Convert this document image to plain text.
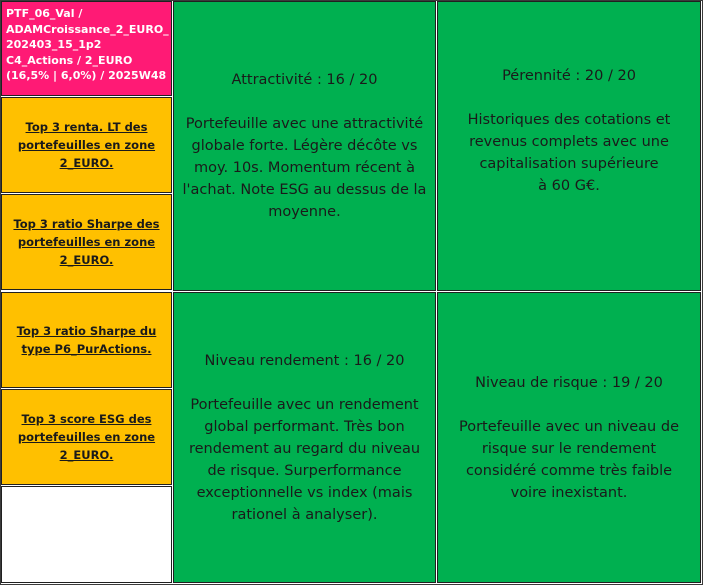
PTF_06_Val /
ADAMCroissance_2_EURO_
202403_15_1p2
C4_Actions / 2_EURO
(16,5% | 6,0%) / 2025W48
Top 3 renta. LT des portefeuilles en zone 2_EURO.
Top 3 ratio Sharpe des portefeuilles en zone 2_EURO.
Top 3 ratio Sharpe du type P6_PurActions.
Top 3 score ESG des portefeuilles en zone 2_EURO.
Attractivité : 16 / 20
Portefeuille avec une attractivité
globale forte. Légère décôte vs
moy. 10s. Momentum récent à
l'achat. Note ESG au dessus de la
moyenne.
Pérennité : 20 / 20
Historiques des cotations et
revenus complets avec une
capitalisation supérieure
à 60 G€.
Niveau rendement : 16 / 20
Portefeuille avec un rendement
global performant. Très bon
rendement au regard du niveau
de risque. Surperformance
exceptionnelle vs index (mais
rationel à analyser).
Niveau de risque : 19 / 20
Portefeuille avec un niveau de
risque sur le rendement
considéré comme très faible
voire inexistant.
